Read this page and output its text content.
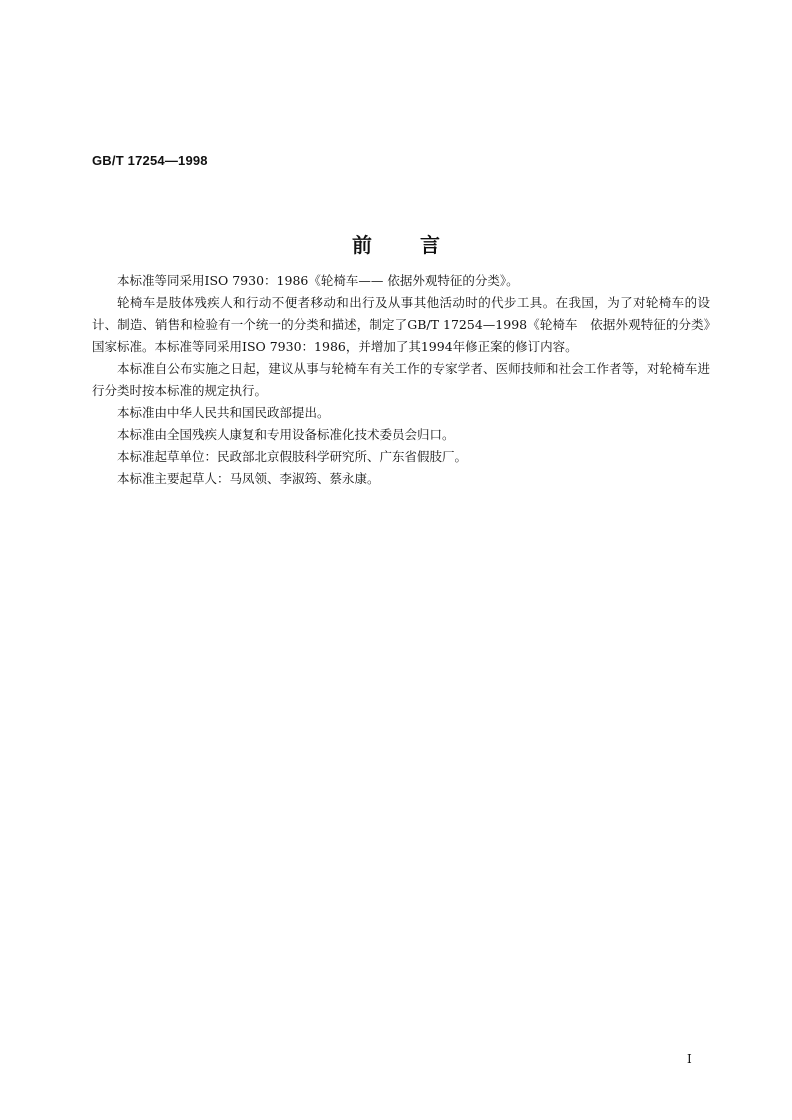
GB/T 17254—1998
前言

本标准等同采用ISO 7930：1986《轮椅车—— 依据外观特征的分类》。

轮椅车是肢体残疾人和行动不便者移动和出行及从事其他活动时的代步工具。在我国，为了对轮椅车的设计、制造、销售和检验有一个统一的分类和描述，制定了GB/T 17254—1998《轮椅车　依据外观特征的分类》国家标准。本标准等同采用ISO 7930：1986，并增加了其1994年修正案的修订内容。

本标准自公布实施之日起，建议从事与轮椅车有关工作的专家学者、医师技师和社会工作者等，对轮椅车进行分类时按本标准的规定执行。

本标准由中华人民共和国民政部提出。

本标准由全国残疾人康复和专用设备标准化技术委员会归口。

本标准起草单位：民政部北京假肢科学研究所、广东省假肢厂。

本标准主要起草人：马凤领、李淑筠、蔡永康。

I
